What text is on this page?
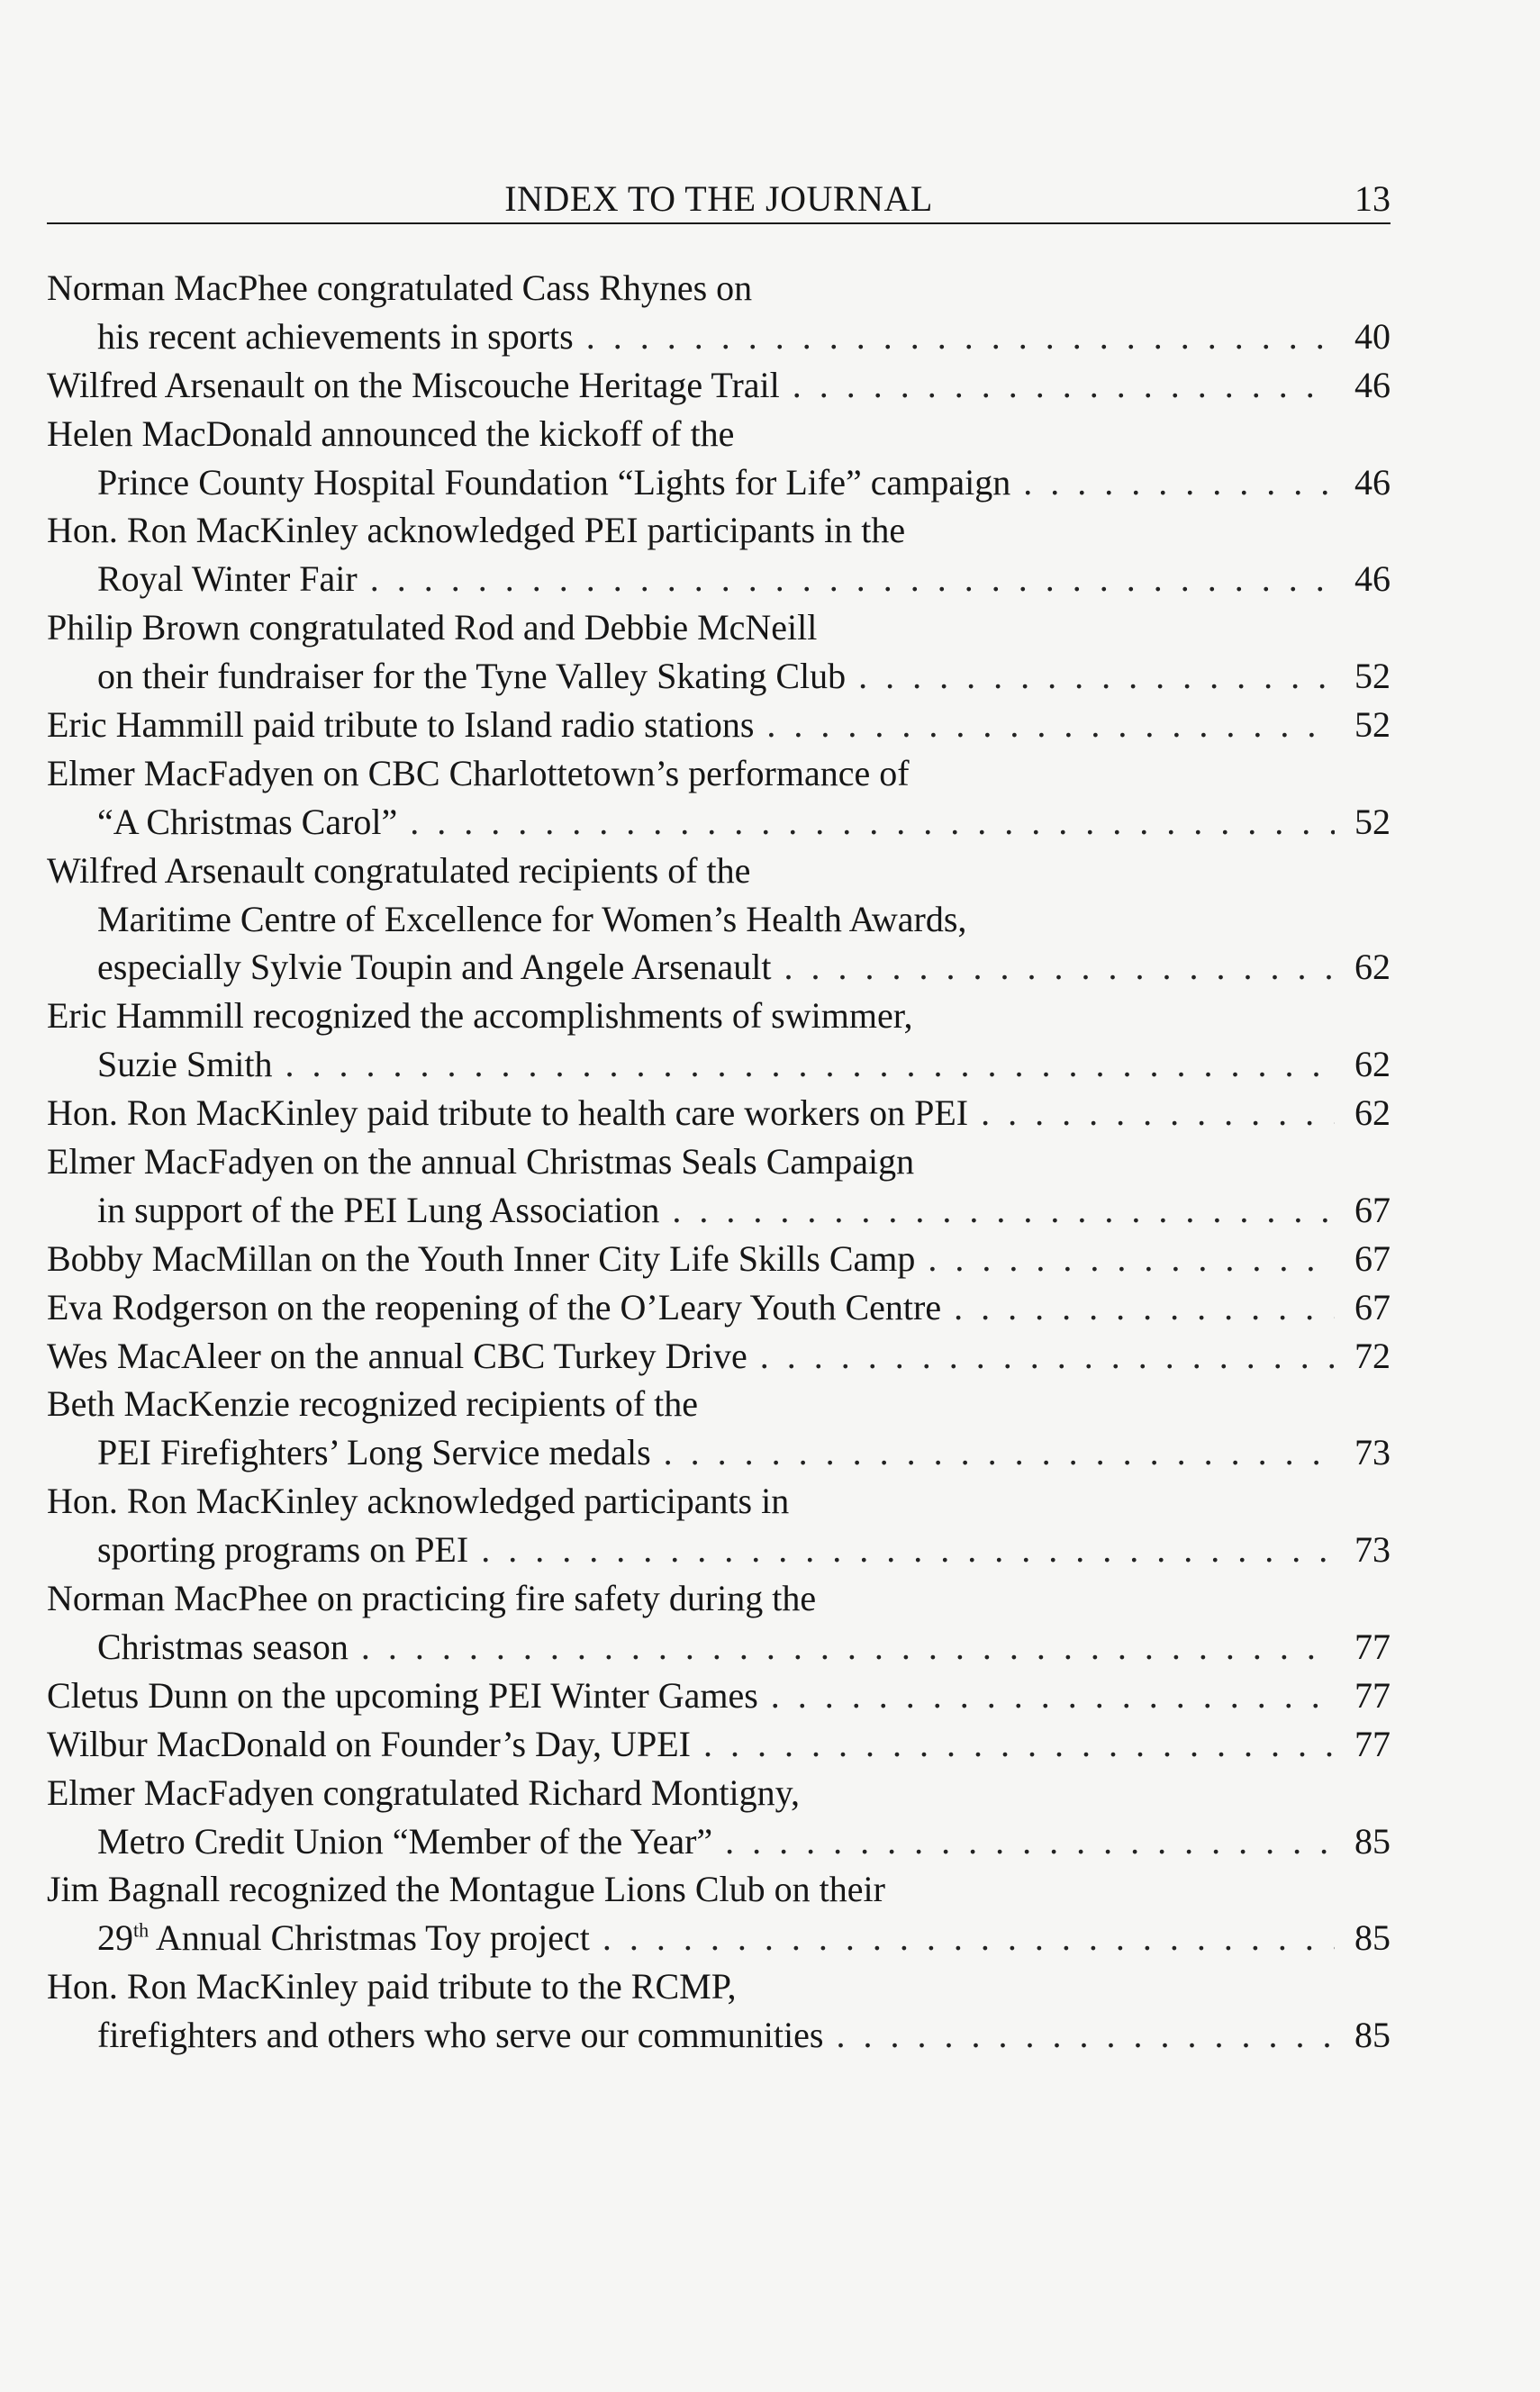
INDEX TO THE JOURNAL	13
Norman MacPhee congratulated Cass Rhynes on
his recent achievements in sports . . .	40
Wilfred Arsenault on the Miscouche Heritage Trail . . .	46
Helen MacDonald announced the kickoff of the
Prince County Hospital Foundation “Lights for Life” campaign . . .	46
Hon. Ron MacKinley acknowledged PEI participants in the
Royal Winter Fair . . .	46
Philip Brown congratulated Rod and Debbie McNeill
on their fundraiser for the Tyne Valley Skating Club . . .	52
Eric Hammill paid tribute to Island radio stations . . .	52
Elmer MacFadyen on CBC Charlottetown’s performance of
“A Christmas Carol” . . .	52
Wilfred Arsenault congratulated recipients of the
Maritime Centre of Excellence for Women’s Health Awards,
especially Sylvie Toupin and Angele Arsenault . . .	62
Eric Hammill recognized the accomplishments of swimmer,
Suzie Smith . . .	62
Hon. Ron MacKinley paid tribute to health care workers on PEI . . .	62
Elmer MacFadyen on the annual Christmas Seals Campaign
in support of the PEI Lung Association . . .	67
Bobby MacMillan on the Youth Inner City Life Skills Camp . . .	67
Eva Rodgerson on the reopening of the O’Leary Youth Centre . . .	67
Wes MacAleer on the annual CBC Turkey Drive . . .	72
Beth MacKenzie recognized recipients of the
PEI Firefighters’ Long Service medals . . .	73
Hon. Ron MacKinley acknowledged participants in
sporting programs on PEI . . .	73
Norman MacPhee on practicing fire safety during the
Christmas season . . .	77
Cletus Dunn on the upcoming PEI Winter Games . . .	77
Wilbur MacDonald on Founder’s Day, UPEI . . .	77
Elmer MacFadyen congratulated Richard Montigny,
Metro Credit Union “Member of the Year” . . .	85
Jim Bagnall recognized the Montague Lions Club on their
29th Annual Christmas Toy project . . .	85
Hon. Ron MacKinley paid tribute to the RCMP,
firefighters and others who serve our communities . . .	85
